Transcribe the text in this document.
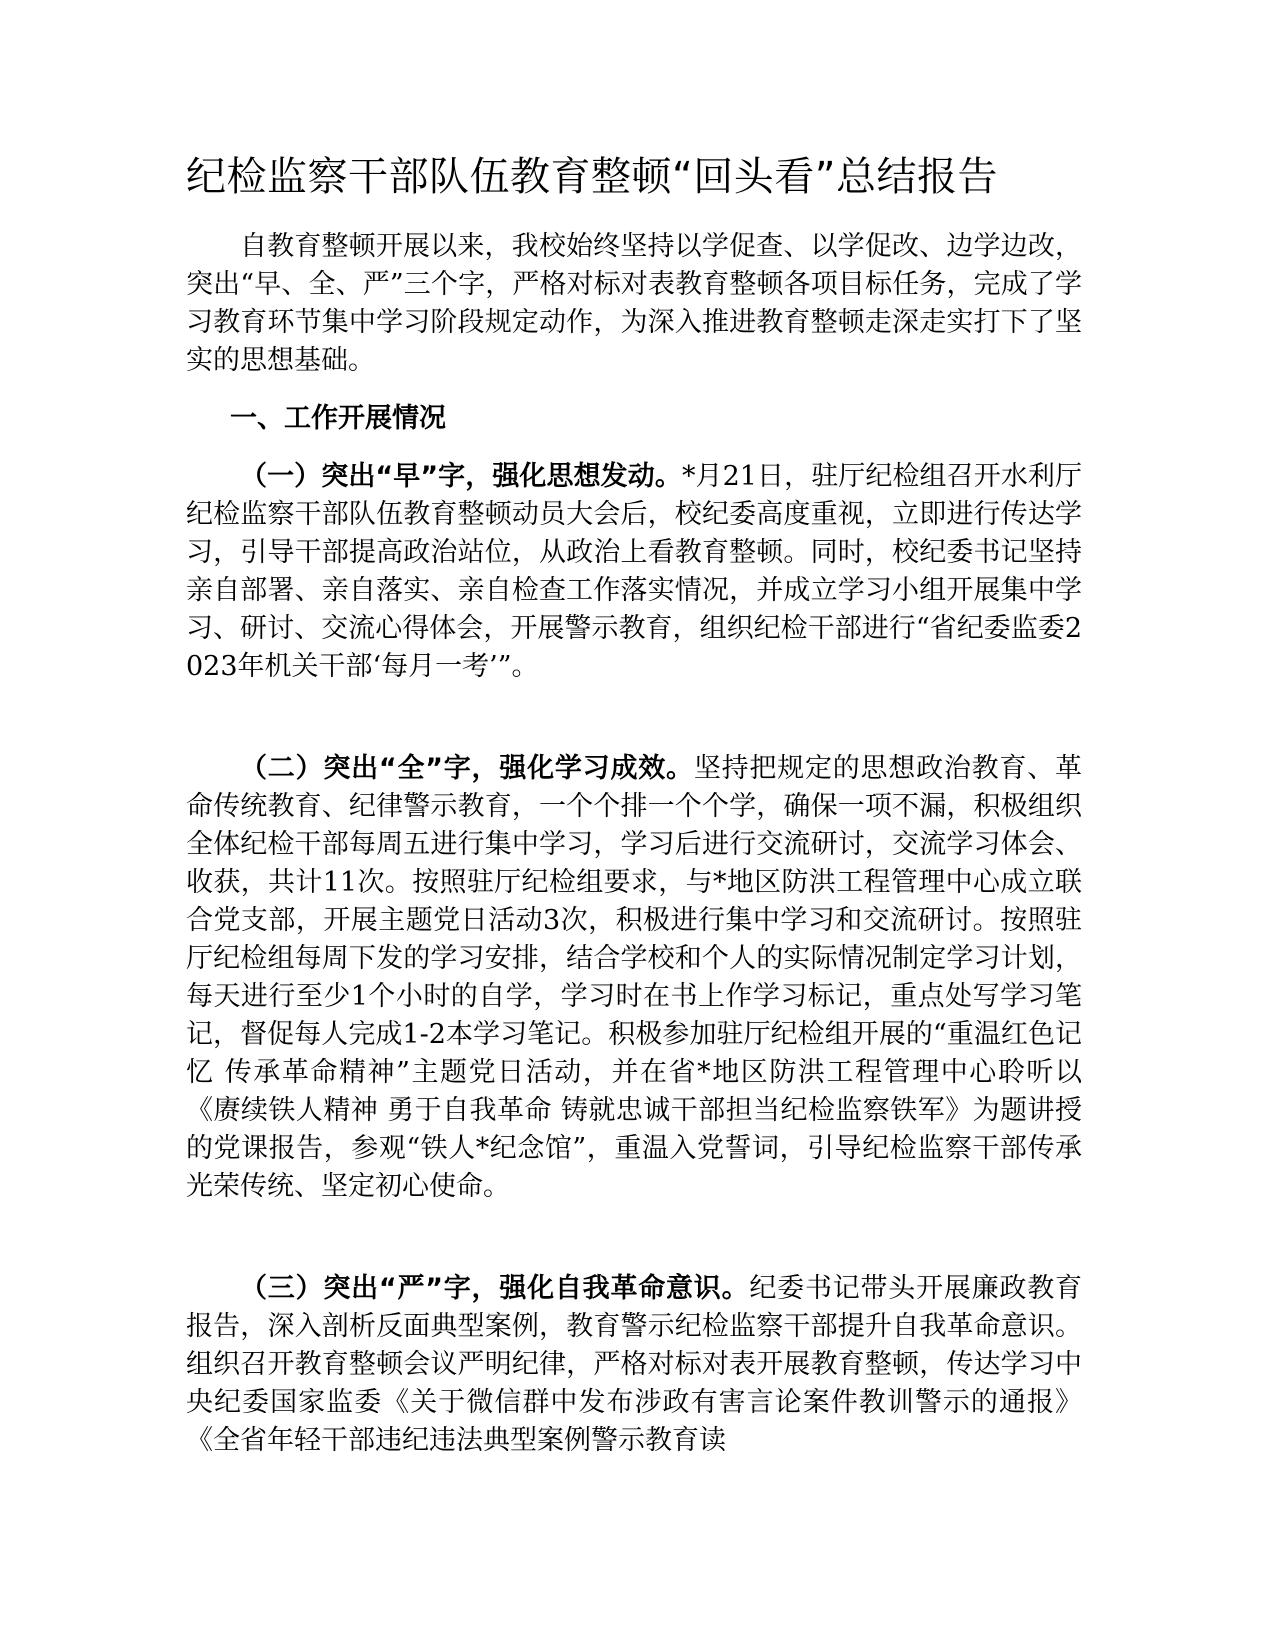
纪检监察干部队伍教育整顿“回头看”总结报告

自教育整顿开展以来，我校始终坚持以学促查、以学促改、边学边改，突出“早、全、严”三个字，严格对标对表教育整顿各项目标任务，完成了学习教育环节集中学习阶段规定动作，为深入推进教育整顿走深走实打下了坚实的思想基础。

一、工作开展情况

（一）突出“早”字，强化思想发动。*月21日，驻厅纪检组召开水利厅纪检监察干部队伍教育整顿动员大会后，校纪委高度重视，立即进行传达学习，引导干部提高政治站位，从政治上看教育整顿。同时，校纪委书记坚持亲自部署、亲自落实、亲自检查工作落实情况，并成立学习小组开展集中学习、研讨、交流心得体会，开展警示教育，组织纪检干部进行“省纪委监委2023年机关干部‘每月一考’”。

（二）突出“全”字，强化学习成效。坚持把规定的思想政治教育、革命传统教育、纪律警示教育，一个个排一个个学，确保一项不漏，积极组织全体纪检干部每周五进行集中学习，学习后进行交流研讨，交流学习体会、收获，共计11次。按照驻厅纪检组要求，与*地区防洪工程管理中心成立联合党支部，开展主题党日活动3次，积极进行集中学习和交流研讨。按照驻厅纪检组每周下发的学习安排，结合学校和个人的实际情况制定学习计划，每天进行至少1个小时的自学，学习时在书上作学习标记，重点处写学习笔记，督促每人完成1-2本学习笔记。积极参加驻厅纪检组开展的“重温红色记忆 传承革命精神”主题党日活动，并在省*地区防洪工程管理中心聆听以《赓续铁人精神 勇于自我革命 铸就忠诚干部担当纪检监察铁军》为题讲授的党课报告，参观“铁人*纪念馆”，重温入党誓词，引导纪检监察干部传承光荣传统、坚定初心使命。

（三）突出“严”字，强化自我革命意识。纪委书记带头开展廉政教育报告，深入剖析反面典型案例，教育警示纪检监察干部提升自我革命意识。组织召开教育整顿会议严明纪律，严格对标对表开展教育整顿，传达学习中央纪委国家监委《关于微信群中发布涉政有害言论案件教训警示的通报》《全省年轻干部违纪违法典型案例警示教育读
